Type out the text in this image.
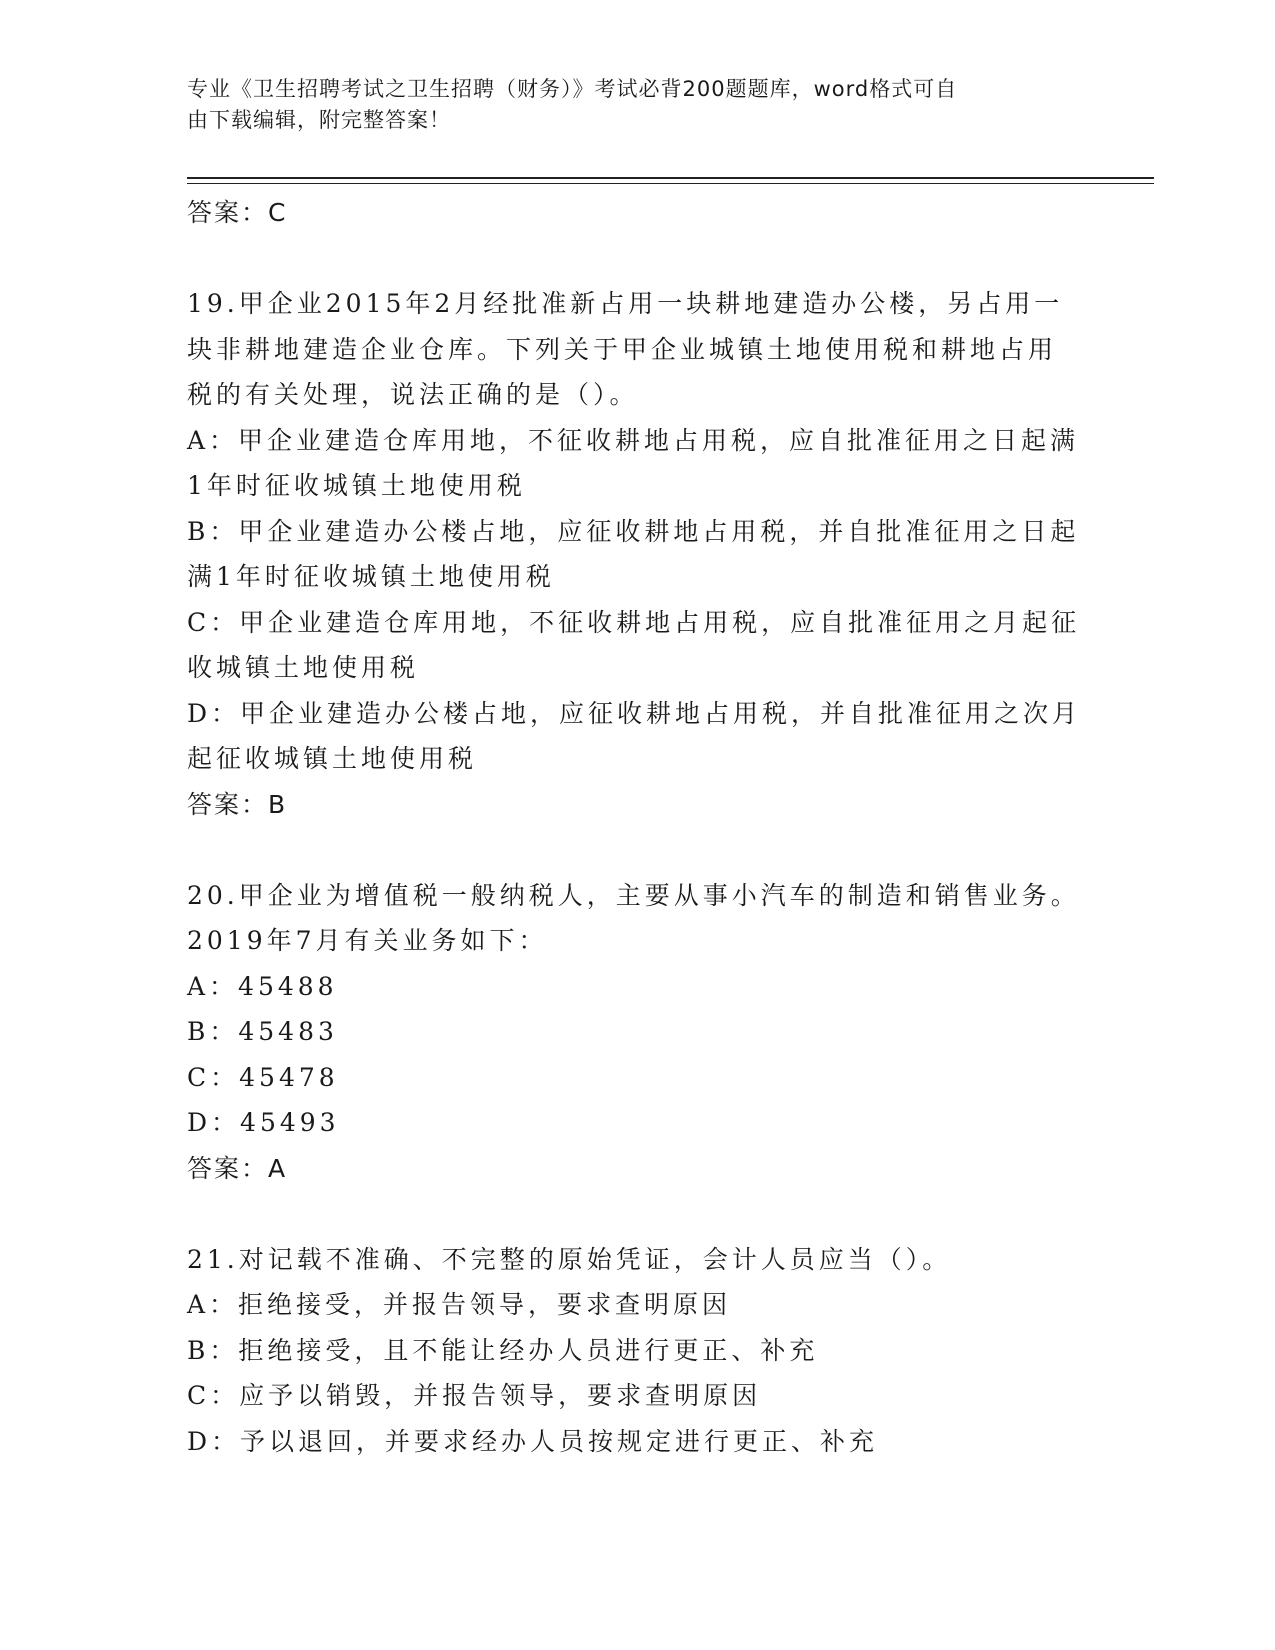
专业《卫生招聘考试之卫生招聘（财务）》考试必背200题题库，word格式可自
由下载编辑，附完整答案！
答案：C
19.甲企业2015年2月经批准新占用一块耕地建造办公楼，另占用一
块非耕地建造企业仓库。下列关于甲企业城镇土地使用税和耕地占用
税的有关处理，说法正确的是（）。
A：甲企业建造仓库用地，不征收耕地占用税，应自批准征用之日起满
1年时征收城镇土地使用税
B：甲企业建造办公楼占地，应征收耕地占用税，并自批准征用之日起
满1年时征收城镇土地使用税
C：甲企业建造仓库用地，不征收耕地占用税，应自批准征用之月起征
收城镇土地使用税
D：甲企业建造办公楼占地，应征收耕地占用税，并自批准征用之次月
起征收城镇土地使用税
答案：B
20.甲企业为增值税一般纳税人，主要从事小汽车的制造和销售业务。
2019年7月有关业务如下：
A：45488
B：45483
C：45478
D：45493
答案：A
21.对记载不准确、不完整的原始凭证，会计人员应当（）。
A：拒绝接受，并报告领导，要求查明原因
B：拒绝接受，且不能让经办人员进行更正、补充
C：应予以销毁，并报告领导，要求查明原因
D：予以退回，并要求经办人员按规定进行更正、补充
